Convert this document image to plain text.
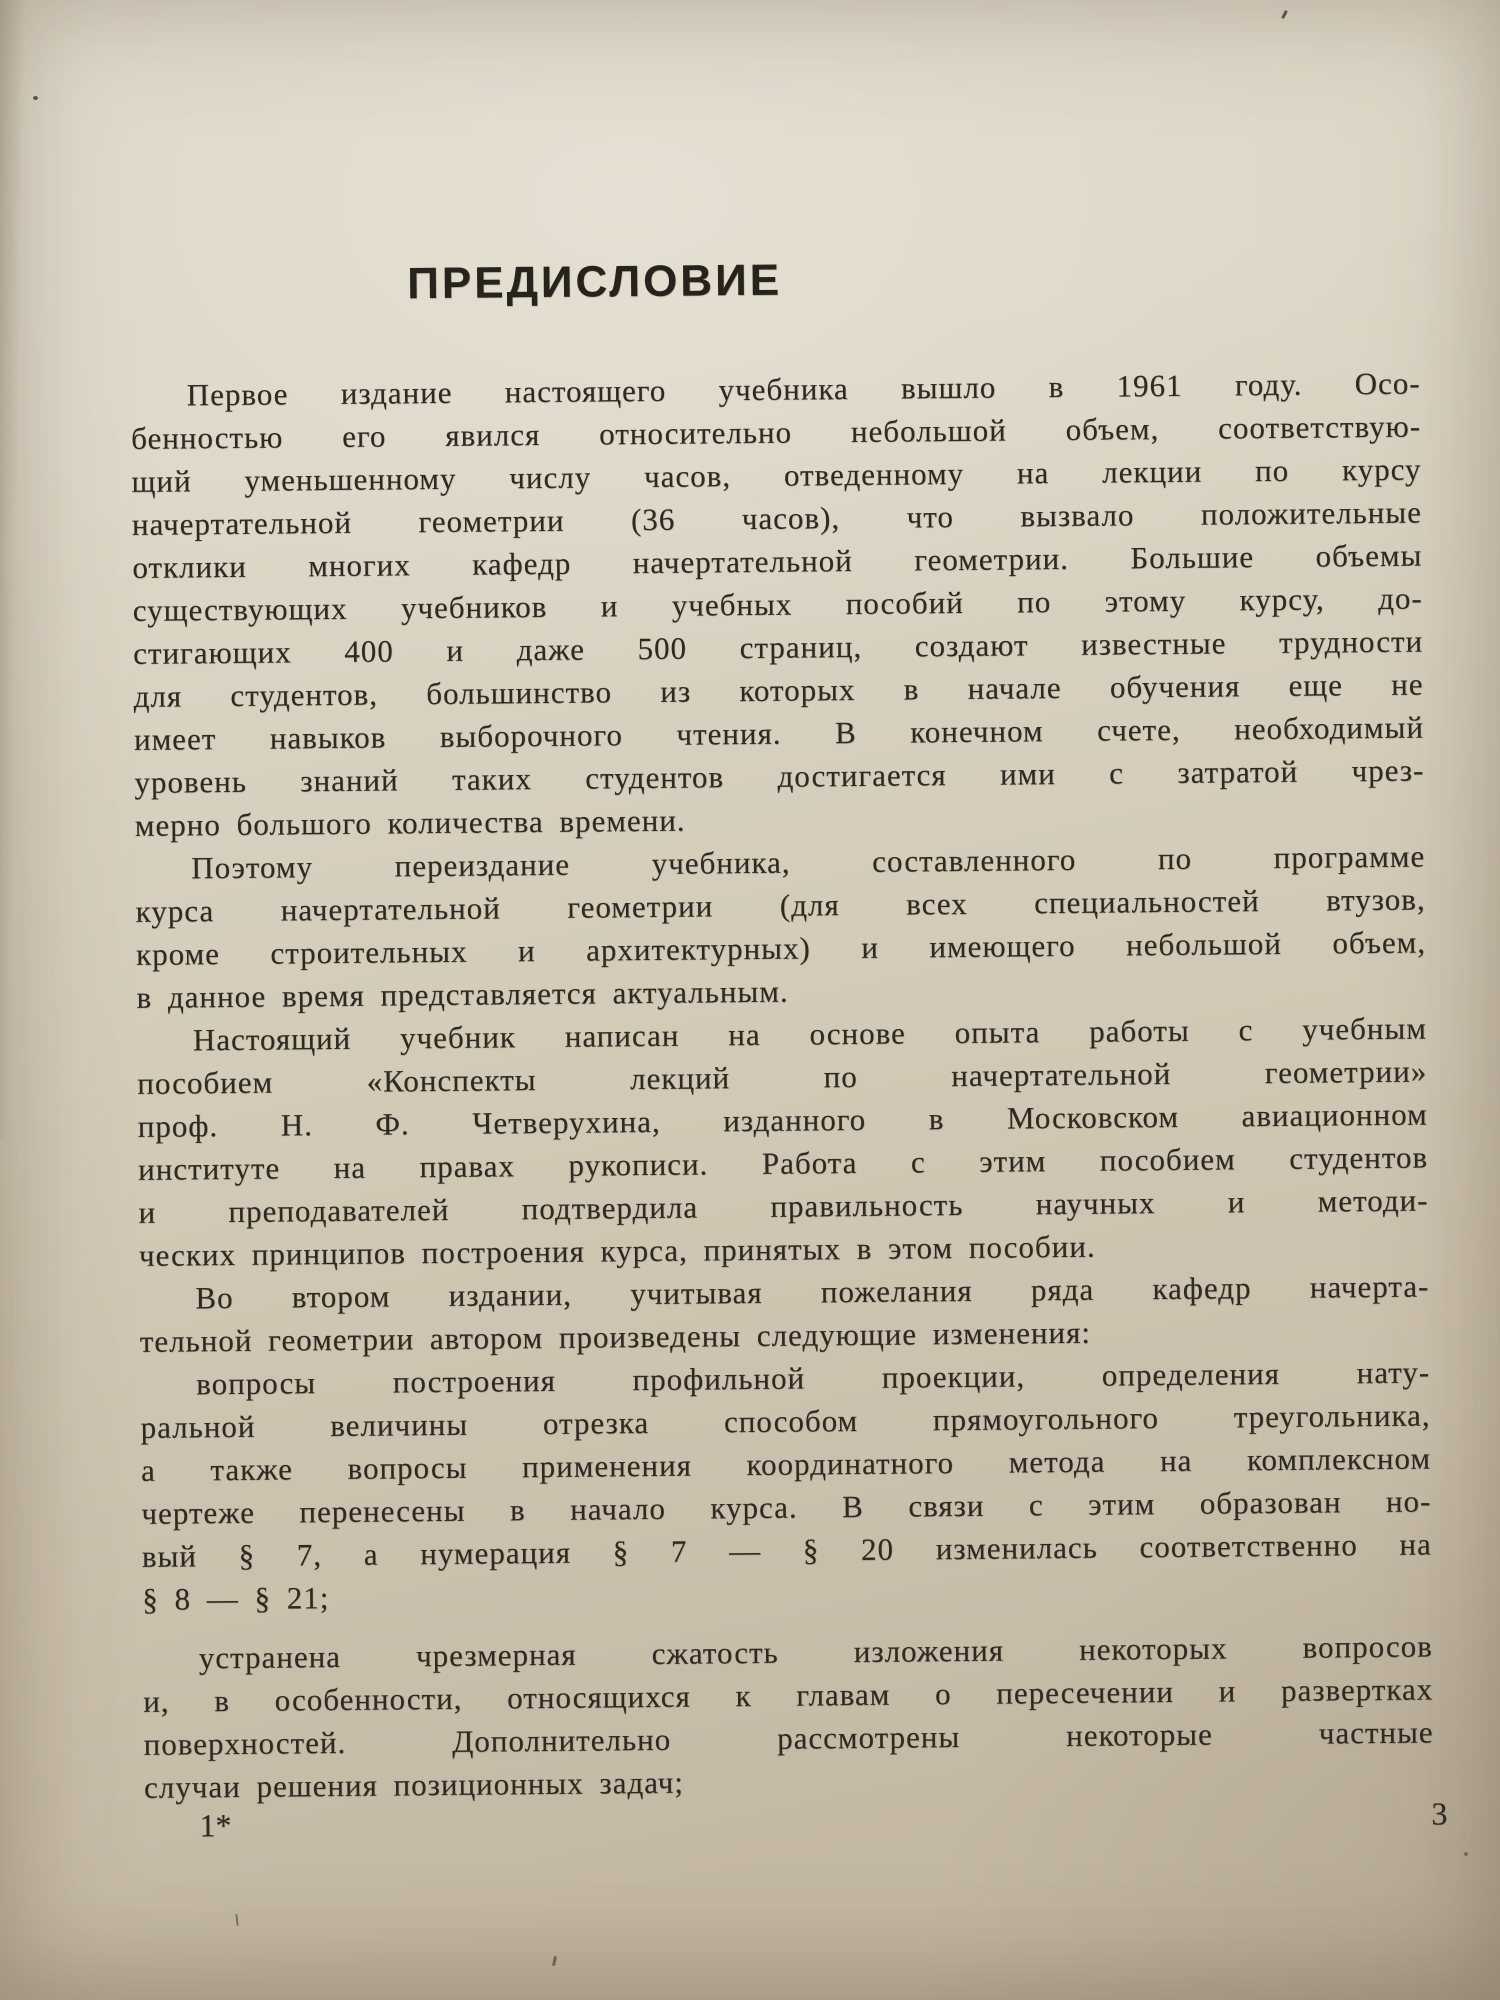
ПРЕДИСЛОВИЕ
Первое издание настоящего учебника вышло в 1961 году. Осо-
бенностью его явился относительно небольшой объем, соответствую-
щий уменьшенному числу часов, отведенному на лекции по курсу
начертательной геометрии (36 часов), что вызвало положительные
отклики многих кафедр начертательной геометрии. Большие объемы
существующих учебников и учебных пособий по этому курсу, до-
стигающих 400 и даже 500 страниц, создают известные трудности
для студентов, большинство из которых в начале обучения еще не
имеет навыков выборочного чтения. В конечном счете, необходимый
уровень знаний таких студентов достигается ими с затратой чрез-
мерно большого количества времени.
Поэтому переиздание учебника, составленного по программе
курса начертательной геометрии (для всех специальностей втузов,
кроме строительных и архитектурных) и имеющего небольшой объем,
в данное время представляется актуальным.
Настоящий учебник написан на основе опыта работы с учебным
пособием «Конспекты лекций по начертательной геометрии»
проф. Н. Ф. Четверухина, изданного в Московском авиационном
институте на правах рукописи. Работа с этим пособием студентов
и преподавателей подтвердила правильность научных и методи-
ческих принципов построения курса, принятых в этом пособии.
Во втором издании, учитывая пожелания ряда кафедр начерта-
тельной геометрии автором произведены следующие изменения:
вопросы построения профильной проекции, определения нату-
ральной величины отрезка способом прямоугольного треугольника,
а также вопросы применения координатного метода на комплексном
чертеже перенесены в начало курса. В связи с этим образован но-
вый § 7, а нумерация § 7 — § 20 изменилась соответственно на
§ 8 — § 21;
устранена чрезмерная сжатость изложения некоторых вопросов
и, в особенности, относящихся к главам о пересечении и развертках
поверхностей. Дополнительно рассмотрены некоторые частные
случаи решения позиционных задач;
1*	3
